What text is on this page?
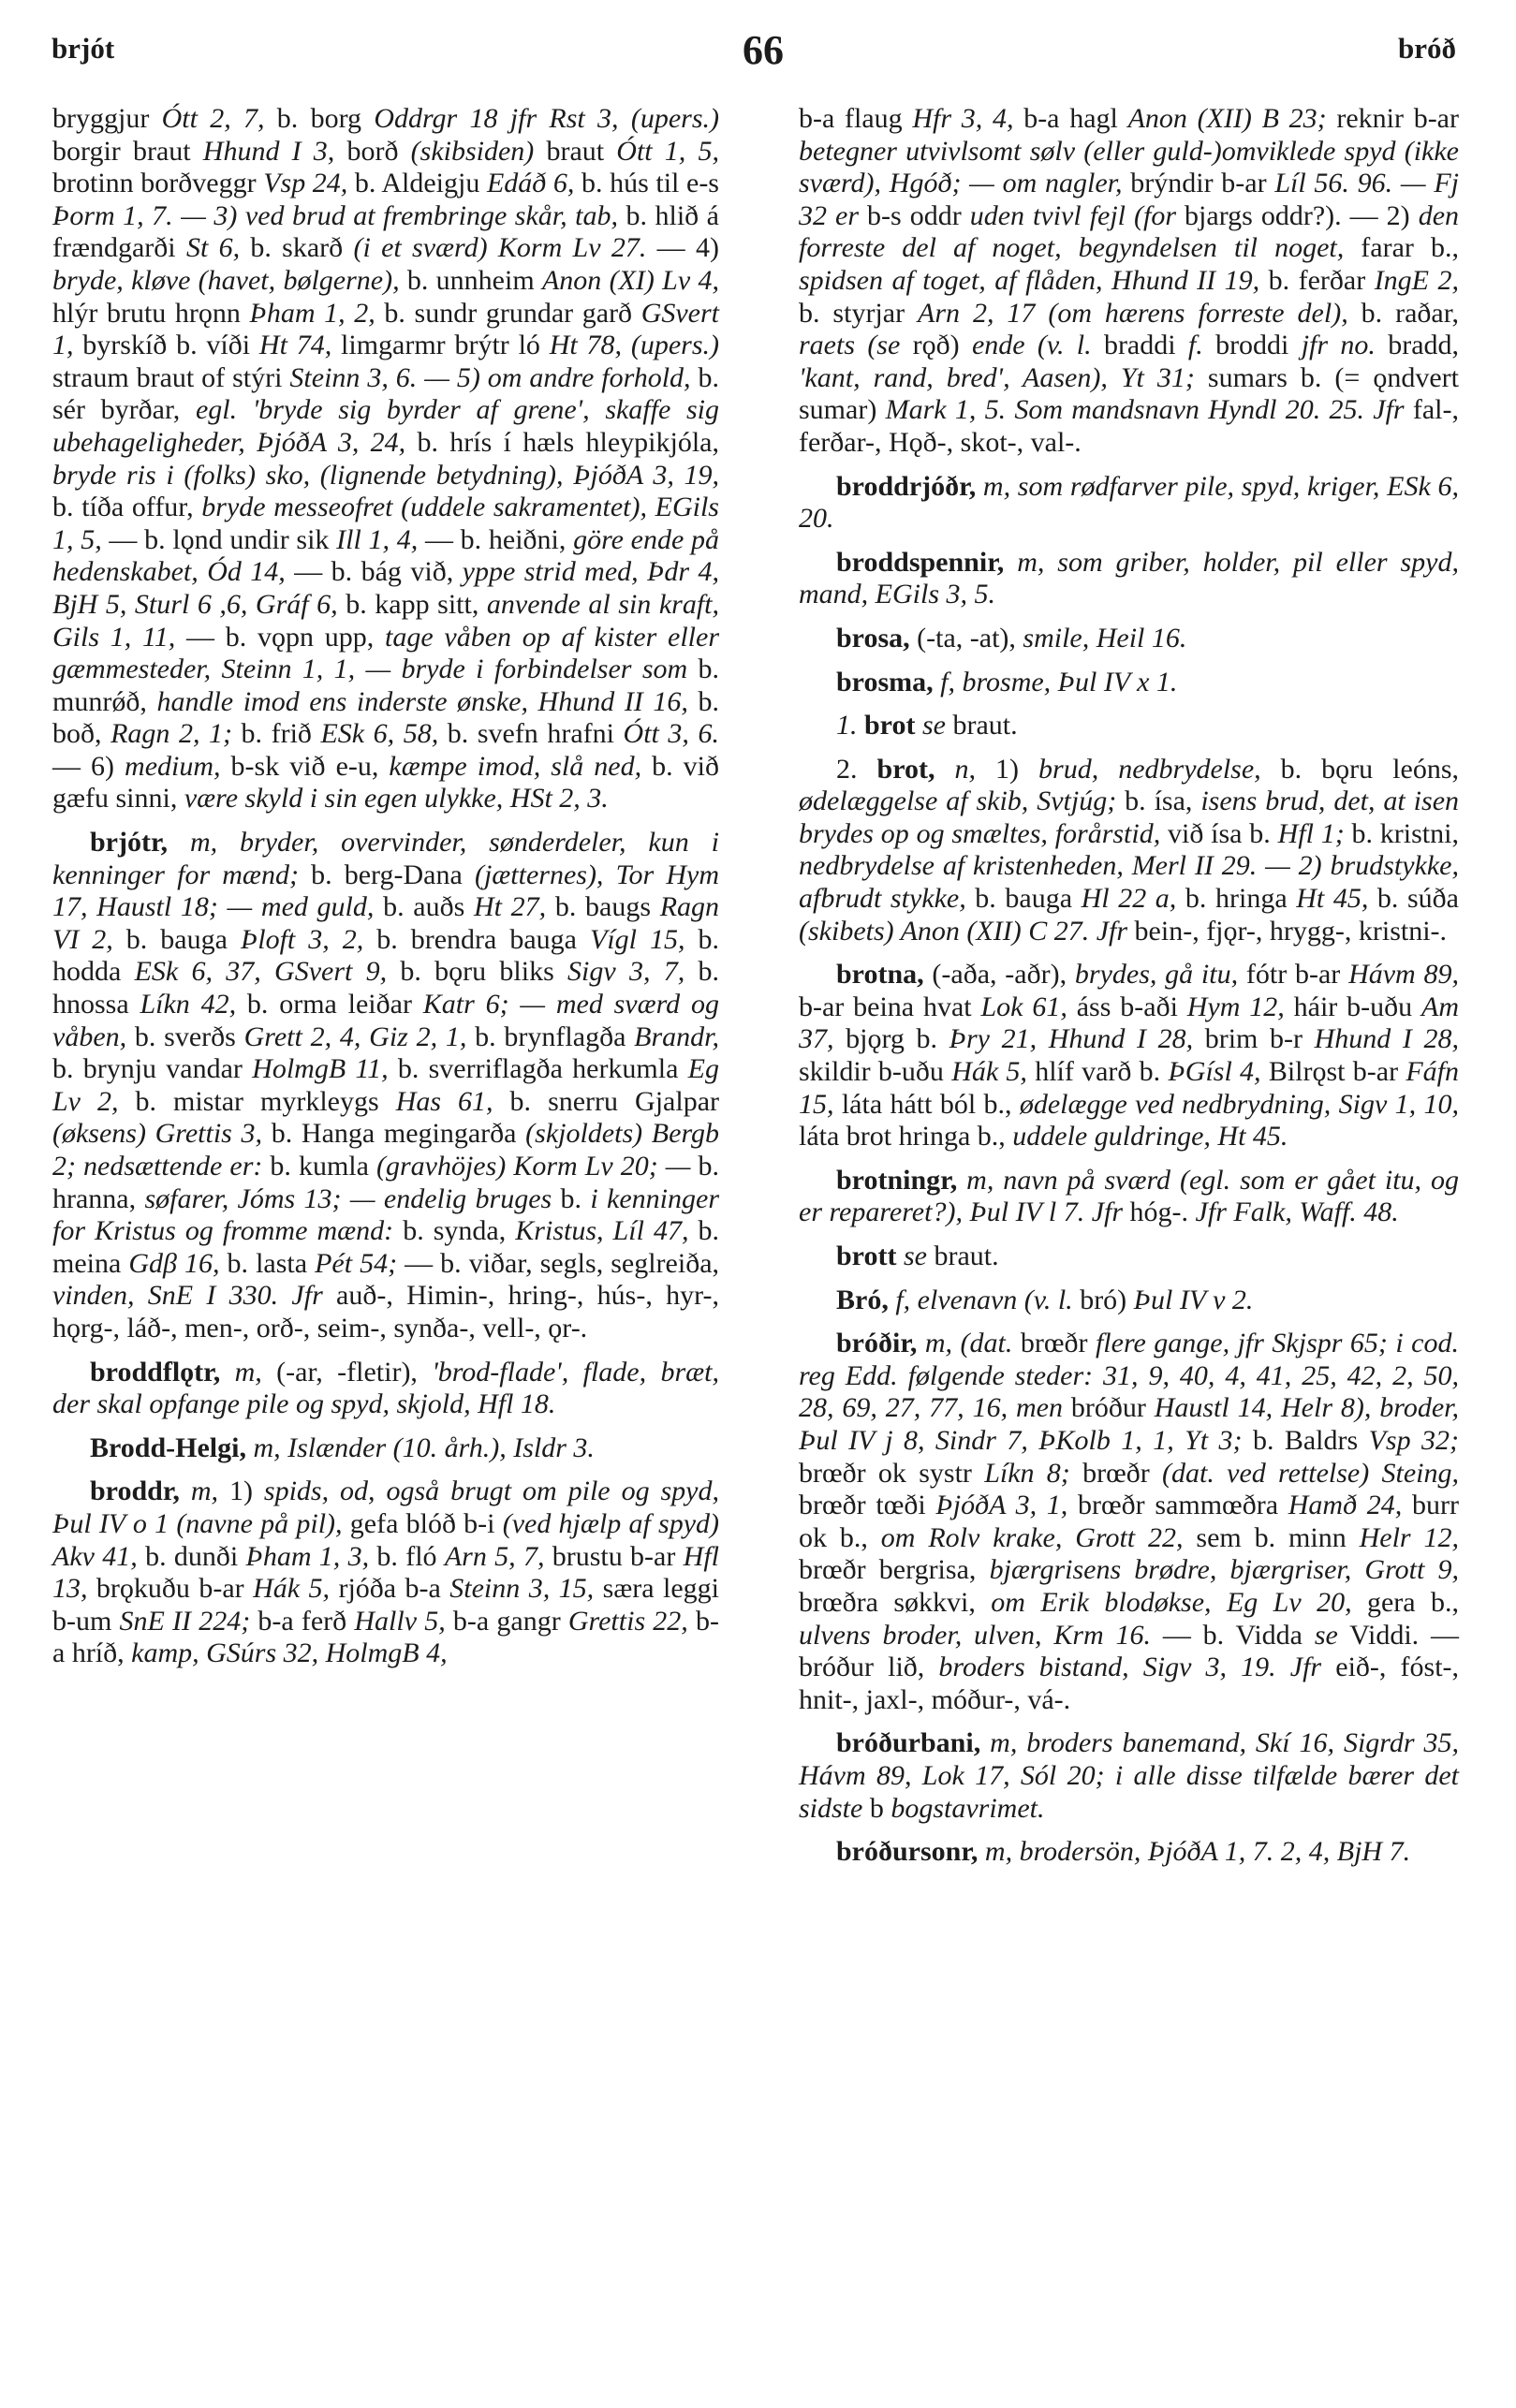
brjót	66	bróð

bryggjur Ótt 2, 7, b. borg Oddrgr 18 jfr Rst 3, (upers.) borgir braut Hhund I 3, borð (skibsiden) braut Ótt 1, 5, brotinn borðveggr Vsp 24, b. Aldeigju Edáð 6, b. hús til e-s Þorm 1, 7. — 3) ved brud at frembringe skår, tab, b. hlið á frændgarði St 6, b. skarð (i et sværd) Korm Lv 27. — 4) bryde, kløve (havet, bølgerne), b. unnheim Anon (XI) Lv 4, hlýr brutu hrǫnn Þham 1, 2, b. sundr grundar garð GSvert 1, byrskíð b. víði Ht 74, limgarmr brýtr ló Ht 78, (upers.) straum braut of stýri Steinn 3, 6. — 5) om andre forhold, b. sér byrðar, egl. 'bryde sig byrder af grene', skaffe sig ubehageligheder, ÞjóðA 3, 24, b. hrís í hæls hleypikjóla, bryde ris i (folks) sko, (lignende betydning), ÞjóðA 3, 19, b. tíða offur, bryde messeofret (uddele sakramentet), EGils 1, 5, — b. lǫnd undir sik Ill 1, 4, — b. heiðni, göre ende på hedenskabet, Ód 14, — b. bág við, yppe strid med, Þdr 4, BjH 5, Sturl 6 ,6, Gráf 6, b. kapp sitt, anvende al sin kraft, Gils 1, 11, — b. vǫpn upp, tage våben op af kister eller gæmmesteder, Steinn 1, 1, — bryde i forbindelser som b. munrǿð, handle imod ens inderste ønske, Hhund II 16, b. boð, Ragn 2, 1; b. frið ESk 6, 58, b. svefn hrafni Ótt 3, 6. — 6) medium, b-sk við e-u, kæmpe imod, slå ned, b. við gæfu sinni, være skyld i sin egen ulykke, HSt 2, 3.

brjótr, m, bryder, overvinder, sønderdeler, kun i kenninger for mænd; b. berg-Dana (jætternes), Tor Hym 17, Haustl 18; — med guld, b. auðs Ht 27, b. baugs Ragn VI 2, b. bauga Þloft 3, 2, b. brendra bauga Vígl 15, b. hodda ESk 6, 37, GSvert 9, b. bǫru bliks Sigv 3, 7, b. hnossa Líkn 42, b. orma leiðar Katr 6; — med sværd og våben, b. sverðs Grett 2, 4, Giz 2, 1, b. brynflagða Brandr, b. brynju vandar HolmgB 11, b. sverriflagða herkumla Eg Lv 2, b. mistar myrkleygs Has 61, b. snerru Gjalpar (øksens) Grettis 3, b. Hanga megingarða (skjoldets) Bergb 2; nedsættende er: b. kumla (gravhöjes) Korm Lv 20; — b. hranna, søfarer, Jóms 13; — endelig bruges b. i kenninger for Kristus og fromme mænd: b. synda, Kristus, Líl 47, b. meina Gdβ 16, b. lasta Pét 54; — b. viðar, segls, seglreiða, vinden, SnE I 330. Jfr auð-, Himin-, hring-, hús-, hyr-, hǫrg-, láð-, men-, orð-, seim-, synða-, vell-, ǫr-.

broddflǫtr, m, (-ar, -fletir), 'brod-flade', flade, bræt, der skal opfange pile og spyd, skjold, Hfl 18.

Brodd-Helgi, m, Islænder (10. årh.), Isldr 3.

broddr, m, 1) spids, od, også brugt om pile og spyd, Þul IV o 1 (navne på pil), gefa blóð b-i (ved hjælp af spyd) Akv 41, b. dunði Þham 1, 3, b. fló Arn 5, 7, brustu b-ar Hfl 13, brǫkuðu b-ar Hák 5, rjóða b-a Steinn 3, 15, særa leggi b-um SnE II 224; b-a ferð Hallv 5, b-a gangr Grettis 22, b-a hríð, kamp, GSúrs 32, HolmgB 4,

b-a flaug Hfr 3, 4, b-a hagl Anon (XII) B 23; reknir b-ar betegner utvivlsomt sølv (eller guld-)omviklede spyd (ikke sværd), Hgóð; — om nagler, brýndir b-ar Líl 56. 96. — Fj 32 er b-s oddr uden tvivl fejl (for bjargs oddr?). — 2) den forreste del af noget, begyndelsen til noget, farar b., spidsen af toget, af flåden, Hhund II 19, b. ferðar IngE 2, b. styrjar Arn 2, 17 (om hærens forreste del), b. raðar, raets (se rǫð) ende (v. l. braddi f. broddi jfr no. bradd, 'kant, rand, bred', Aasen), Yt 31; sumars b. (= ǫndvert sumar) Mark 1, 5. Som mandsnavn Hyndl 20. 25. Jfr fal-, ferðar-, Hǫð-, skot-, val-.

broddrjóðr, m, som rødfarver pile, spyd, kriger, ESk 6, 20.

broddspennir, m, som griber, holder, pil eller spyd, mand, EGils 3, 5.

brosa, (-ta, -at), smile, Heil 16.

brosma, f, brosme, Þul IV x 1.

1. brot se braut.

2. brot, n, 1) brud, nedbrydelse, b. bǫru leóns, ødelæggelse af skib, Svtjúg; b. ísa, isens brud, det, at isen brydes op og smæltes, forårstid, við ísa b. Hfl 1; b. kristni, nedbrydelse af kristenheden, Merl II 29. — 2) brudstykke, afbrudt stykke, b. bauga Hl 22 a, b. hringa Ht 45, b. súða (skibets) Anon (XII) C 27. Jfr bein-, fjǫr-, hrygg-, kristni-.

brotna, (-aða, -aðr), brydes, gå itu, fótr b-ar Hávm 89, b-ar beina hvat Lok 61, áss b-aði Hym 12, háir b-uðu Am 37, bjǫrg b. Þry 21, Hhund I 28, brim b-r Hhund I 28, skildir b-uðu Hák 5, hlíf varð b. ÞGísl 4, Bilrǫst b-ar Fáfn 15, láta hátt ból b., ødelægge ved nedbrydning, Sigv 1, 10, láta brot hringa b., uddele guldringe, Ht 45.

brotningr, m, navn på sværd (egl. som er gået itu, og er repareret?), Þul IV l 7. Jfr hóg-. Jfr Falk, Waff. 48.

brott se braut.

Bró, f, elvenavn (v. l. bró) Þul IV v 2.

bróðir, m, (dat. brœðr flere gange, jfr Skjspr 65; i cod. reg Edd. følgende steder: 31, 9, 40, 4, 41, 25, 42, 2, 50, 28, 69, 27, 77, 16, men bróður Haustl 14, Helr 8), broder, Þul IV j 8, Sindr 7, ÞKolb 1, 1, Yt 3; b. Baldrs Vsp 32; brœðr ok systr Líkn 8; brœðr (dat. ved rettelse) Steing, brœðr tœði ÞjóðA 3, 1, brœðr sammœðra Hamð 24, burr ok b., om Rolv krake, Grott 22, sem b. minn Helr 12, brœðr bergrisa, bjærgrisens brødre, bjærgriser, Grott 9, brœðra søkkvi, om Erik blodøkse, Eg Lv 20, gera b., ulvens broder, ulven, Krm 16. — b. Vidda se Viddi. — bróður lið, broders bistand, Sigv 3, 19. Jfr eið-, fóst-, hnit-, jaxl-, móður-, vá-.

bróðurbani, m, broders banemand, Skí 16, Sigrdr 35, Hávm 89, Lok 17, Sól 20; i alle disse tilfælde bærer det sidste b bogstavrimet.

bróðursonr, m, brodersön, ÞjóðA 1, 7. 2, 4, BjH 7.
